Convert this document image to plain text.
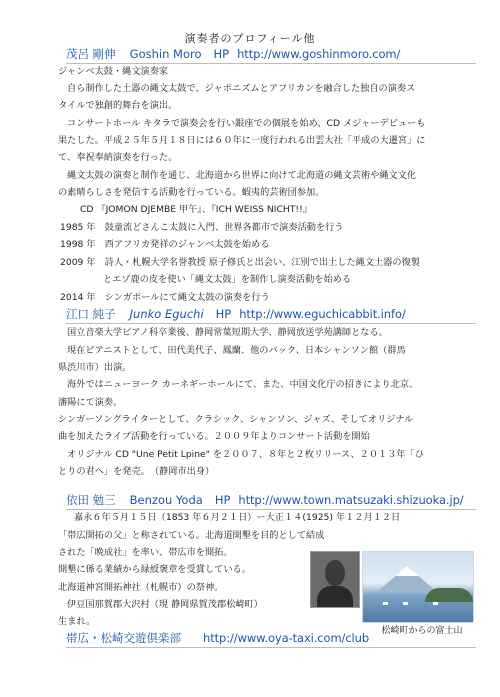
演奏者のプロフィール他
茂呂 剛伸 Goshin Moro HP http://www.goshinmoro.com/
ジャンベ太鼓・縄文演奏家
自ら制作した土器の縄文太鼓で、ジャポニズムとアフリカンを融合した独自の演奏ス
タイルで独創的舞台を演出。
コンサートホール キタラで演奏会を行い銀座での個展を始め、CD メジャーデビューも
果たした。平成２５年５月１８日には６０年に一度行われる出雲大社「平成の大遷宮」に
て、奉祝奉納演奏を行った。
縄文太鼓の演奏と制作を通じ、北海道から世界に向けて北海道の縄文芸術や縄文文化
の素晴らしさを発信する活動を行っている。蝦夷的芸術団参加。
CD 『JOMON DJEMBE 甲午』、『ICH WEISS NICHT!!』
1985 年　鼓童流どさんこ太鼓に入門、世界各都市で演奏活動を行う
1998 年　西アフリカ発祥のジャンベ太鼓を始める
2009 年　詩人・札幌大学名誉教授 原子修氏と出会い、江別で出土した縄文土器の復製
とエゾ鹿の皮を使い「縄文太鼓」を制作し演奏活動を始める
2014 年　シンガポールにて縄文太鼓の演奏を行う
江口 純子 Junko Eguchi HP http://www.eguchicabbit.info/
国立音楽大学ピアノ科卒業後、静岡常葉短期大学、静岡放送学苑講師となる。
現在ピアニストとして、田代美代子、鳳蘭、他のバック、日本シャンソン館（群馬
県渋川市）出演。
海外ではニューヨーク カーネギーホールにて、また、中国文化庁の招きにより北京、
瀋陽にて演奏。
シンガーソングライターとして、クラシック、シャンソン、ジャズ、そしてオリジナル
曲を加えたライブ活動を行っている。２００９年よりコンサート活動を開始
オリジナル CD "Une Petit Lpine" を２００７、８年と２枚リリース、２０１３年「ひ
とりの君へ」を発売。　（静岡市出身）
依田 勉三 Benzou Yoda HP http://www.town.matsuzaki.shizuoka.jp/
嘉永６年５月１５日（1853 年６月２１日）ー大正１４(1925) 年１２月１２日
「帯広開拓の父」と称されている。北海道開墾を目的として結成
された「晩成社」を率い、帯広市を開拓。
開墾に係る業績から緑綬褒章を受賞している。
北海道神宮開拓神社（札幌市）の祭神。
伊豆国那賀郡大沢村（現 静岡県賀茂郡松崎町）
生まれ。
松崎町からの富士山
帯広・松崎交遊倶楽部 http://www.oya-taxi.com/club
